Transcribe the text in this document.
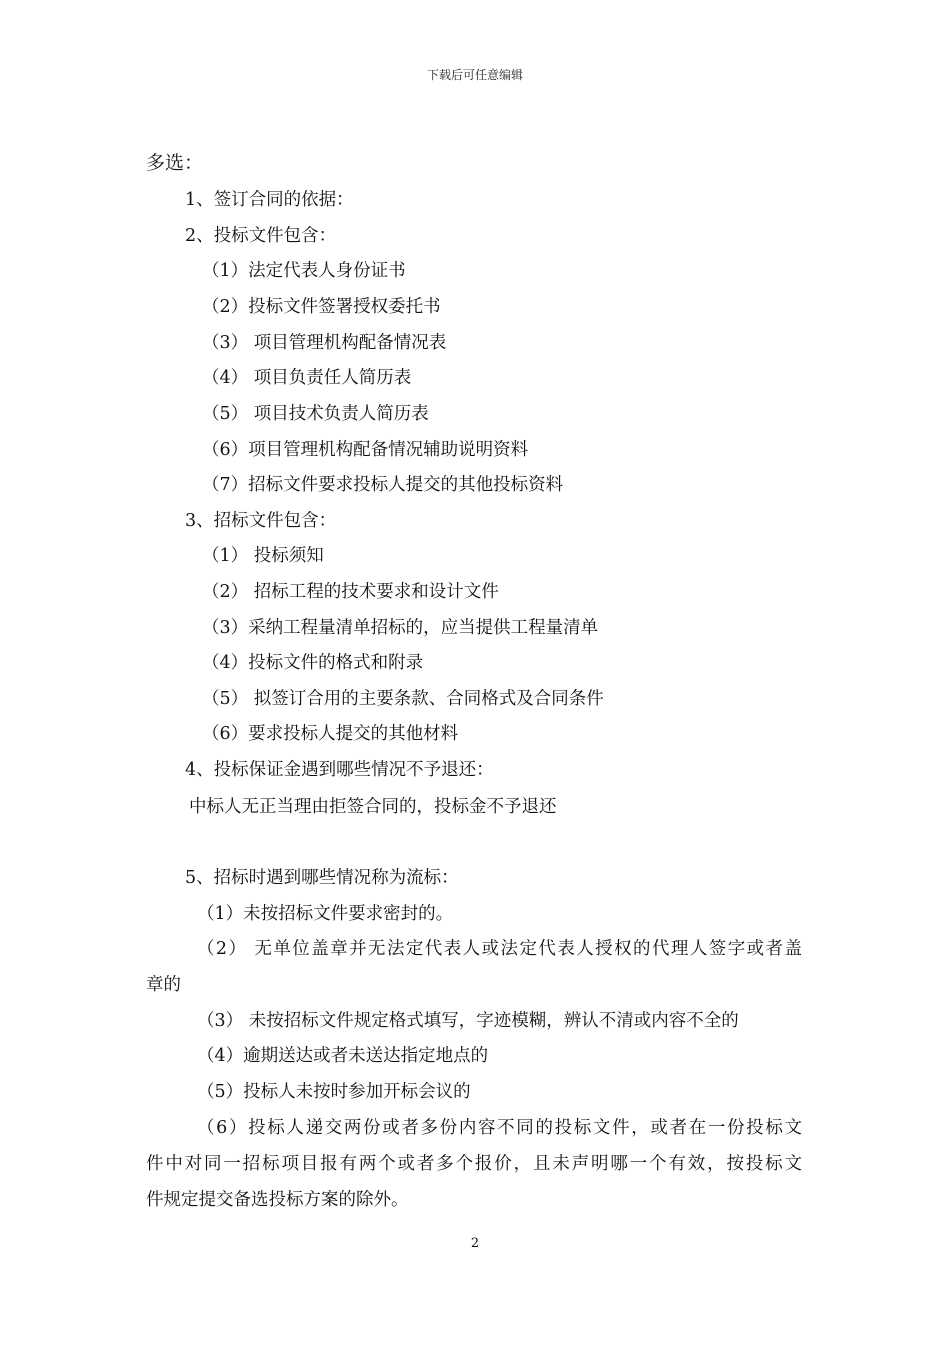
下载后可任意编辑
多选：
1、签订合同的依据：
2、投标文件包含：
（1）法定代表人身份证书
（2）投标文件签署授权委托书
（3） 项目管理机构配备情况表
（4） 项目负责任人简历表
（5） 项目技术负责人简历表
（6）项目管理机构配备情况辅助说明资料
（7）招标文件要求投标人提交的其他投标资料
3、招标文件包含：
（1） 投标须知
（2） 招标工程的技术要求和设计文件
（3）采纳工程量清单招标的，应当提供工程量清单
（4）投标文件的格式和附录
（5） 拟签订合用的主要条款、合同格式及合同条件
（6）要求投标人提交的其他材料
4、投标保证金遇到哪些情况不予退还：
中标人无正当理由拒签合同的，投标金不予退还
5、招标时遇到哪些情况称为流标：
（1）未按招标文件要求密封的。
（2） 无单位盖章并无法定代表人或法定代表人授权的代理人签字或者盖
章的
（3） 未按招标文件规定格式填写，字迹模糊，辨认不清或内容不全的
（4）逾期送达或者未送达指定地点的
（5）投标人未按时参加开标会议的
（6）投标人递交两份或者多份内容不同的投标文件，或者在一份投标文
件中对同一招标项目报有两个或者多个报价，且未声明哪一个有效，按投标文
件规定提交备选投标方案的除外。
2
